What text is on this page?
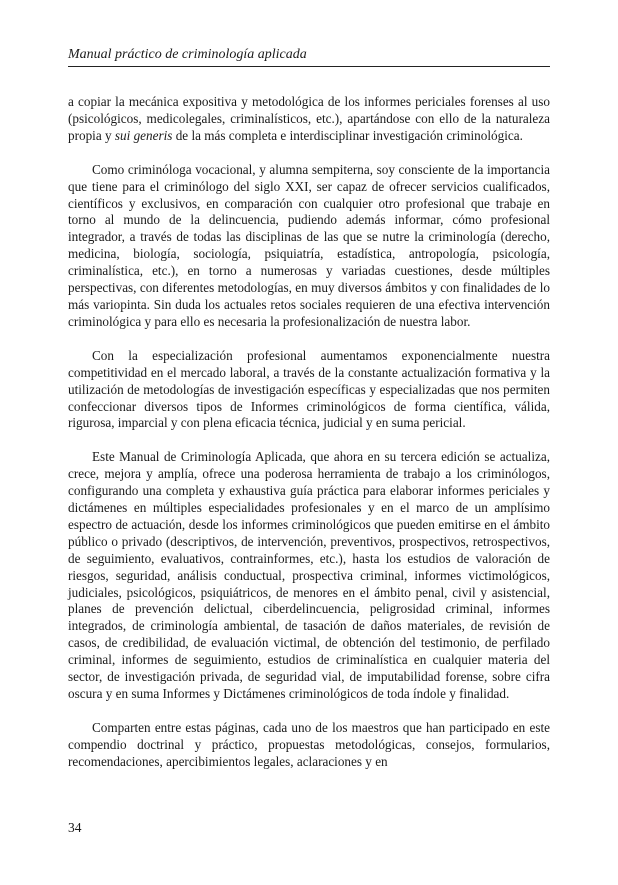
Manual práctico de criminología aplicada

a copiar la mecánica expositiva y metodológica de los informes periciales forenses al uso (psicológicos, medicolegales, criminalísticos, etc.), apartándose con ello de la naturaleza propia y sui generis de la más completa e interdisciplinar investigación criminológica.

Como criminóloga vocacional, y alumna sempiterna, soy consciente de la importancia que tiene para el criminólogo del siglo XXI, ser capaz de ofrecer servicios cualificados, científicos y exclusivos, en comparación con cualquier otro profesional que trabaje en torno al mundo de la delincuencia, pudiendo además informar, cómo profesional integrador, a través de todas las disciplinas de las que se nutre la criminología (derecho, medicina, biología, sociología, psiquiatría, estadística, antropología, psicología, criminalística, etc.), en torno a numerosas y variadas cuestiones, desde múltiples perspectivas, con diferentes metodologías, en muy diversos ámbitos y con finalidades de lo más variopinta. Sin duda los actuales retos sociales requieren de una efectiva intervención criminológica y para ello es necesaria la profesionalización de nuestra labor.

Con la especialización profesional aumentamos exponencialmente nuestra competitividad en el mercado laboral, a través de la constante actualización formativa y la utilización de metodologías de investigación específicas y especializadas que nos permiten confeccionar diversos tipos de Informes criminológicos de forma científica, válida, rigurosa, imparcial y con plena eficacia técnica, judicial y en suma pericial.

Este Manual de Criminología Aplicada, que ahora en su tercera edición se actualiza, crece, mejora y amplía, ofrece una poderosa herramienta de trabajo a los criminólogos, configurando una completa y exhaustiva guía práctica para elaborar informes periciales y dictámenes en múltiples especialidades profesionales y en el marco de un amplísimo espectro de actuación, desde los informes criminológicos que pueden emitirse en el ámbito público o privado (descriptivos, de intervención, preventivos, prospectivos, retrospectivos, de seguimiento, evaluativos, contrainformes, etc.), hasta los estudios de valoración de riesgos, seguridad, análisis conductual, prospectiva criminal, informes victimológicos, judiciales, psicológicos, psiquiátricos, de menores en el ámbito penal, civil y asistencial, planes de prevención delictual, ciberdelincuencia, peligrosidad criminal, informes integrados, de criminología ambiental, de tasación de daños materiales, de revisión de casos, de credibilidad, de evaluación victimal, de obtención del testimonio, de perfilado criminal, informes de seguimiento, estudios de criminalística en cualquier materia del sector, de investigación privada, de seguridad vial, de imputabilidad forense, sobre cifra oscura y en suma Informes y Dictámenes criminológicos de toda índole y finalidad.

Comparten entre estas páginas, cada uno de los maestros que han participado en este compendio doctrinal y práctico, propuestas metodológicas, consejos, formularios, recomendaciones, apercibimientos legales, aclaraciones y en

34
